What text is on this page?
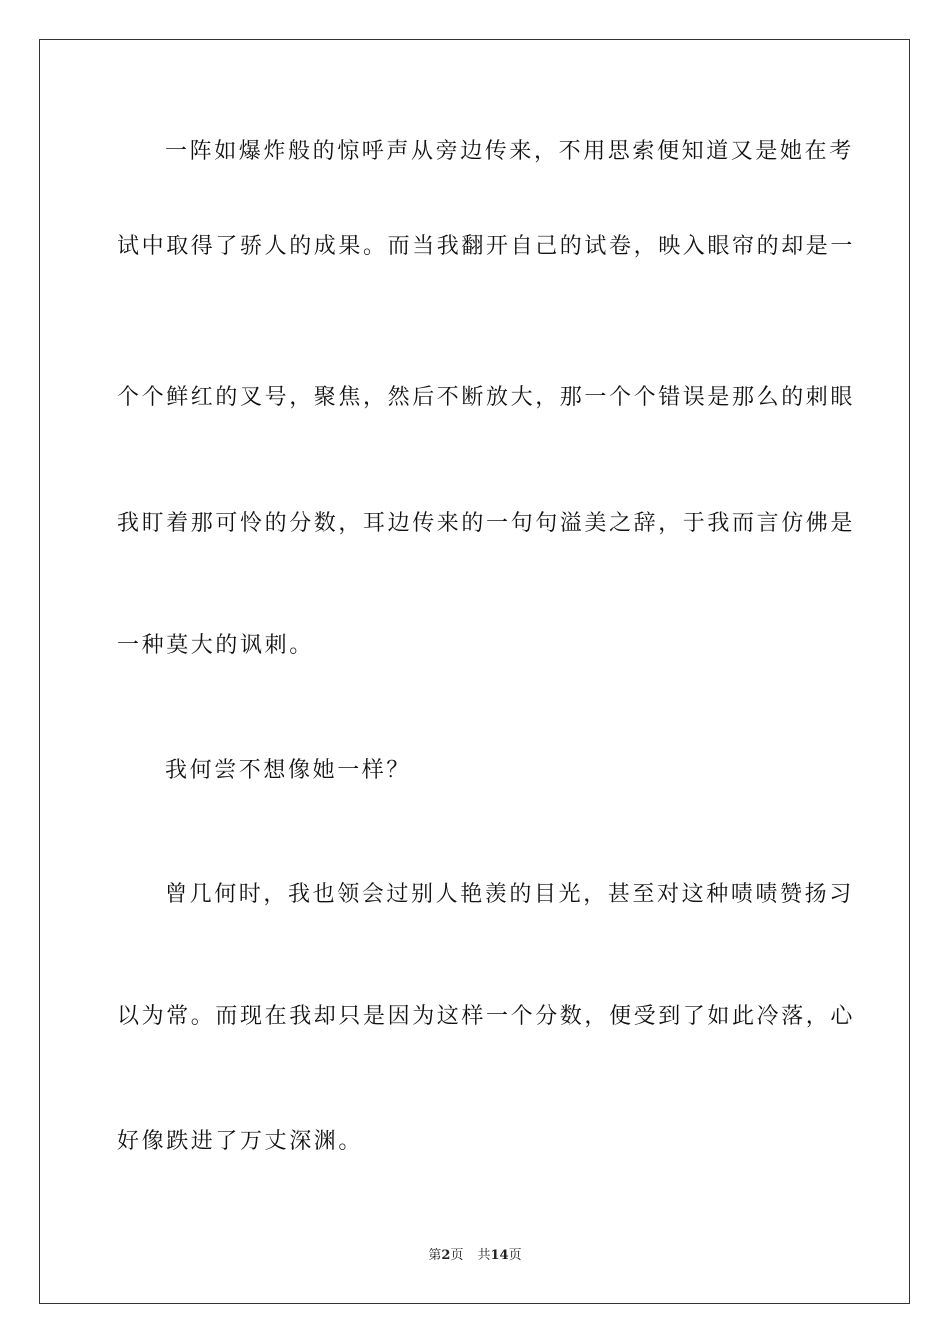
一阵如爆炸般的惊呼声从旁边传来，不用思索便知道又是她在考
试中取得了骄人的成果。而当我翻开自己的试卷，映入眼帘的却是一
个个鲜红的叉号，聚焦，然后不断放大，那一个个错误是那么的刺眼
我盯着那可怜的分数，耳边传来的一句句溢美之辞，于我而言仿佛是
一种莫大的讽刺。
我何尝不想像她一样？
曾几何时，我也领会过别人艳羡的目光，甚至对这种啧啧赞扬习
以为常。而现在我却只是因为这样一个分数，便受到了如此冷落，心
好像跌进了万丈深渊。
第2页 共14页
